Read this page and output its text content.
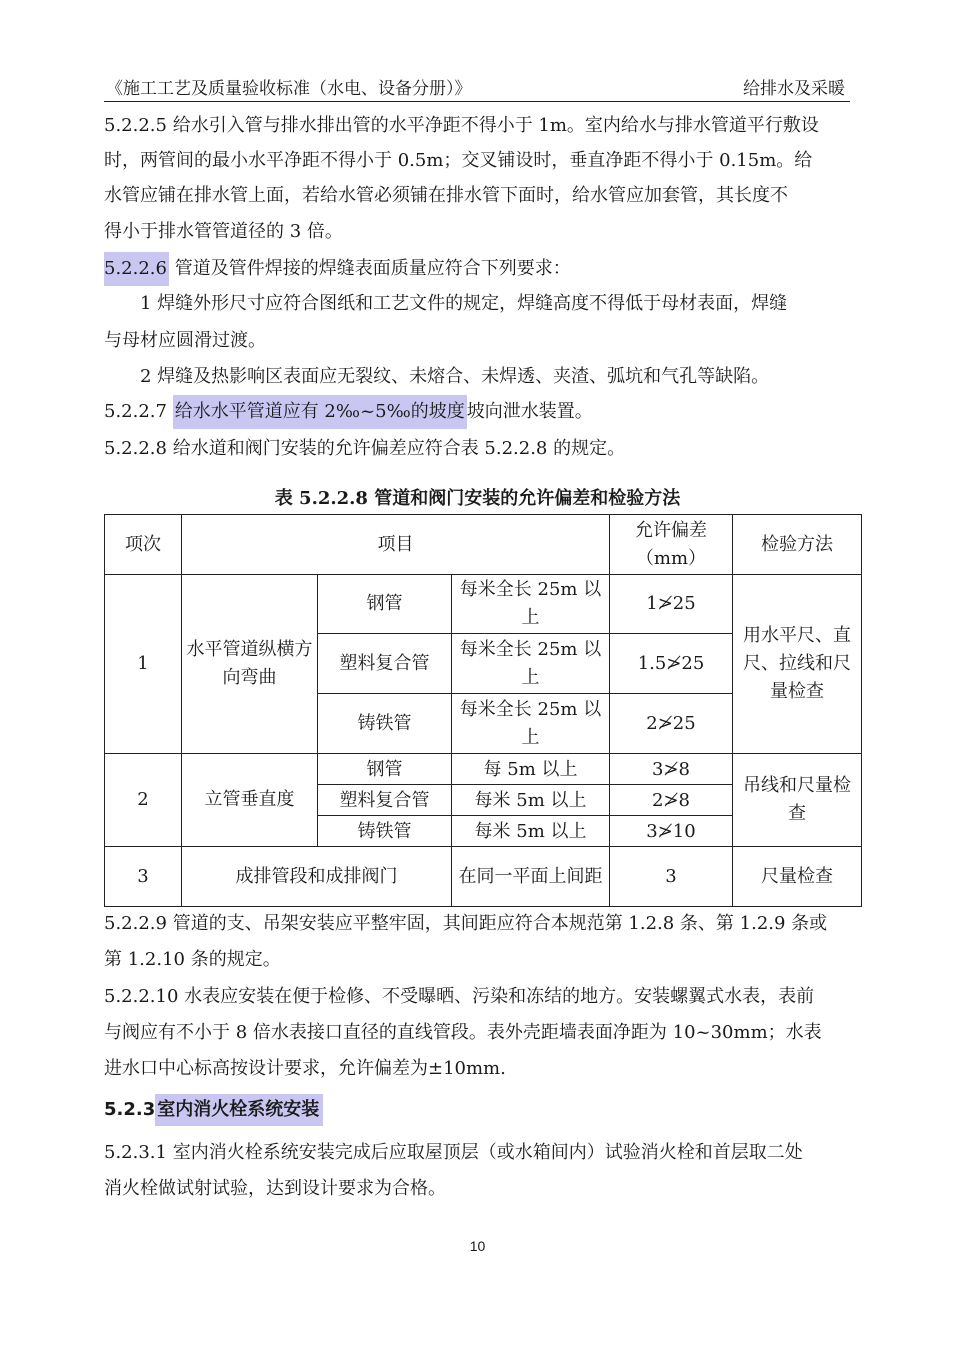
《施工工艺及质量验收标准（水电、设备分册）》	给排水及采暖
5.2.2.5 给水引入管与排水排出管的水平净距不得小于 1m。室内给水与排水管道平行敷设
时，两管间的最小水平净距不得小于 0.5m；交叉铺设时，垂直净距不得小于 0.15m。给
水管应铺在排水管上面，若给水管必须铺在排水管下面时，给水管应加套管，其长度不
得小于排水管管道径的 3 倍。
5.2.2.6 管道及管件焊接的焊缝表面质量应符合下列要求：
1 焊缝外形尺寸应符合图纸和工艺文件的规定，焊缝高度不得低于母材表面，焊缝
与母材应圆滑过渡。
2 焊缝及热影响区表面应无裂纹、未熔合、未焊透、夹渣、弧坑和气孔等缺陷。
5.2.2.7 给水水平管道应有 2‰~5‰的坡度 坡向泄水装置。
5.2.2.8 给水道和阀门安装的允许偏差应符合表 5.2.2.8 的规定。
表 5.2.2.8 管道和阀门安装的允许偏差和检验方法
项次	项目			允许偏差（mm）	检验方法
1	水平管道纵横方向弯曲	钢管	每米全长 25m 以上	1≯25	用水平尺、直尺、拉线和尺量检查
		塑料复合管	每米全长 25m 以上	1.5≯25	
		铸铁管	每米全长 25m 以上	2≯25	
2	立管垂直度	钢管	每 5m 以上	3≯8	吊线和尺量检查
		塑料复合管	每米 5m 以上	2≯8	
		铸铁管	每米 5m 以上	3≯10	
3	成排管段和成排阀门		在同一平面上间距	3	尺量检查
5.2.2.9 管道的支、吊架安装应平整牢固，其间距应符合本规范第 1.2.8 条、第 1.2.9 条或
第 1.2.10 条的规定。
5.2.2.10 水表应安装在便于检修、不受曝晒、污染和冻结的地方。安装螺翼式水表，表前
与阀应有不小于 8 倍水表接口直径的直线管段。表外壳距墙表面净距为 10~30mm；水表
进水口中心标高按设计要求，允许偏差为±10mm.
5.2.3室内消火栓系统安装
5.2.3.1 室内消火栓系统安装完成后应取屋顶层（或水箱间内）试验消火栓和首层取二处
消火栓做试射试验，达到设计要求为合格。
10
